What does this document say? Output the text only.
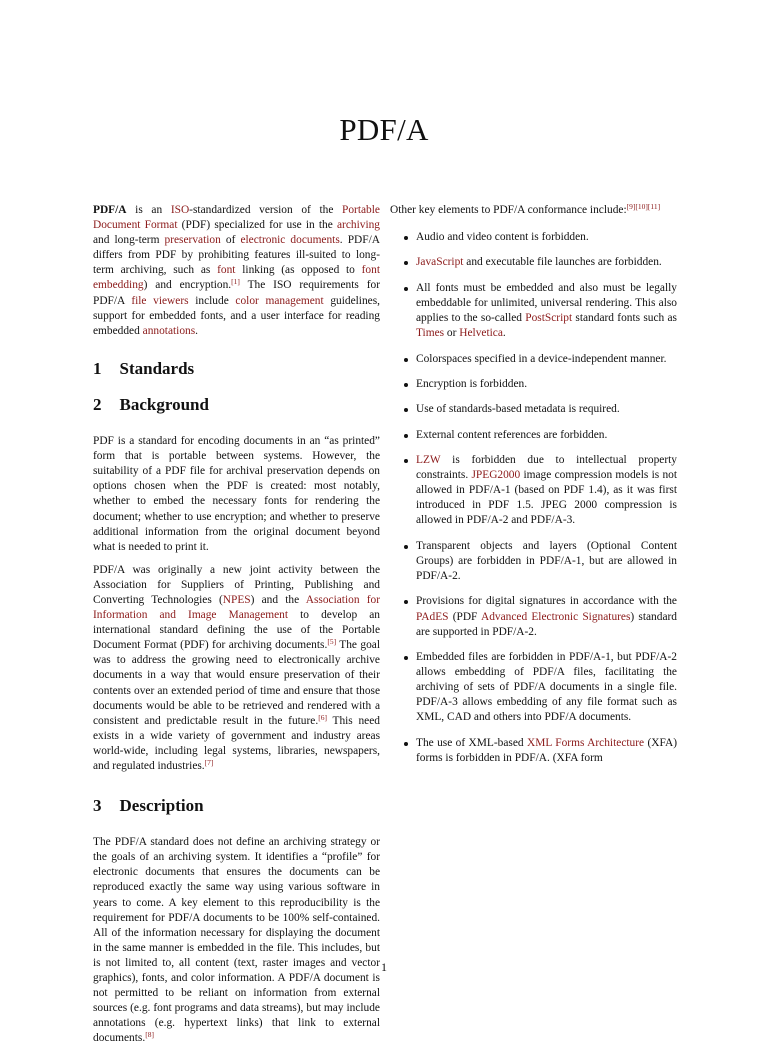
PDF/A

PDF/A is an ISO-standardized version of the Portable Document Format (PDF) specialized for use in the archiving and long-term preservation of electronic documents. PDF/A differs from PDF by prohibiting features ill-suited to long-term archiving, such as font linking (as opposed to font embedding) and encryption.[1] The ISO requirements for PDF/A file viewers include color management guidelines, support for embedded fonts, and a user interface for reading embedded annotations.

1 Standards
2 Background

PDF is a standard for encoding documents in an “as printed” form that is portable between systems. However, the suitability of a PDF file for archival preservation depends on options chosen when the PDF is created: most notably, whether to embed the necessary fonts for rendering the document; whether to use encryption; and whether to preserve additional information from the original document beyond what is needed to print it.

PDF/A was originally a new joint activity between the Association for Suppliers of Printing, Publishing and Converting Technologies (NPES) and the Association for Information and Image Management to develop an international standard defining the use of the Portable Document Format (PDF) for archiving documents.[5] The goal was to address the growing need to electronically archive documents in a way that would ensure preservation of their contents over an extended period of time and ensure that those documents would be able to be retrieved and rendered with a consistent and predictable result in the future.[6] This need exists in a wide variety of government and industry areas world-wide, including legal systems, libraries, newspapers, and regulated industries.[7]

3 Description

The PDF/A standard does not define an archiving strategy or the goals of an archiving system. It identifies a “profile” for electronic documents that ensures the documents can be reproduced exactly the same way using various software in years to come. A key element to this reproducibility is the requirement for PDF/A documents to be 100% self-contained. All of the information necessary for displaying the document in the same manner is embedded in the file. This includes, but is not limited to, all content (text, raster images and vector graphics), fonts, and color information. A PDF/A document is not permitted to be reliant on information from external sources (e.g. font programs and data streams), but may include annotations (e.g. hypertext links) that link to external documents.[8]

Other key elements to PDF/A conformance include:[9][10][11]

Audio and video content is forbidden.
JavaScript and executable file launches are forbidden.
All fonts must be embedded and also must be legally embeddable for unlimited, universal rendering. This also applies to the so-called PostScript standard fonts such as Times or Helvetica.
Colorspaces specified in a device-independent manner.
Encryption is forbidden.
Use of standards-based metadata is required.
External content references are forbidden.
LZW is forbidden due to intellectual property constraints. JPEG2000 image compression models is not allowed in PDF/A-1 (based on PDF 1.4), as it was first introduced in PDF 1.5. JPEG 2000 compression is allowed in PDF/A-2 and PDF/A-3.
Transparent objects and layers (Optional Content Groups) are forbidden in PDF/A-1, but are allowed in PDF/A-2.
Provisions for digital signatures in accordance with the PAdES (PDF Advanced Electronic Signatures) standard are supported in PDF/A-2.
Embedded files are forbidden in PDF/A-1, but PDF/A-2 allows embedding of PDF/A files, facilitating the archiving of sets of PDF/A documents in a single file. PDF/A-3 allows embedding of any file format such as XML, CAD and others into PDF/A documents.
The use of XML-based XML Forms Architecture (XFA) forms is forbidden in PDF/A. (XFA form
1
